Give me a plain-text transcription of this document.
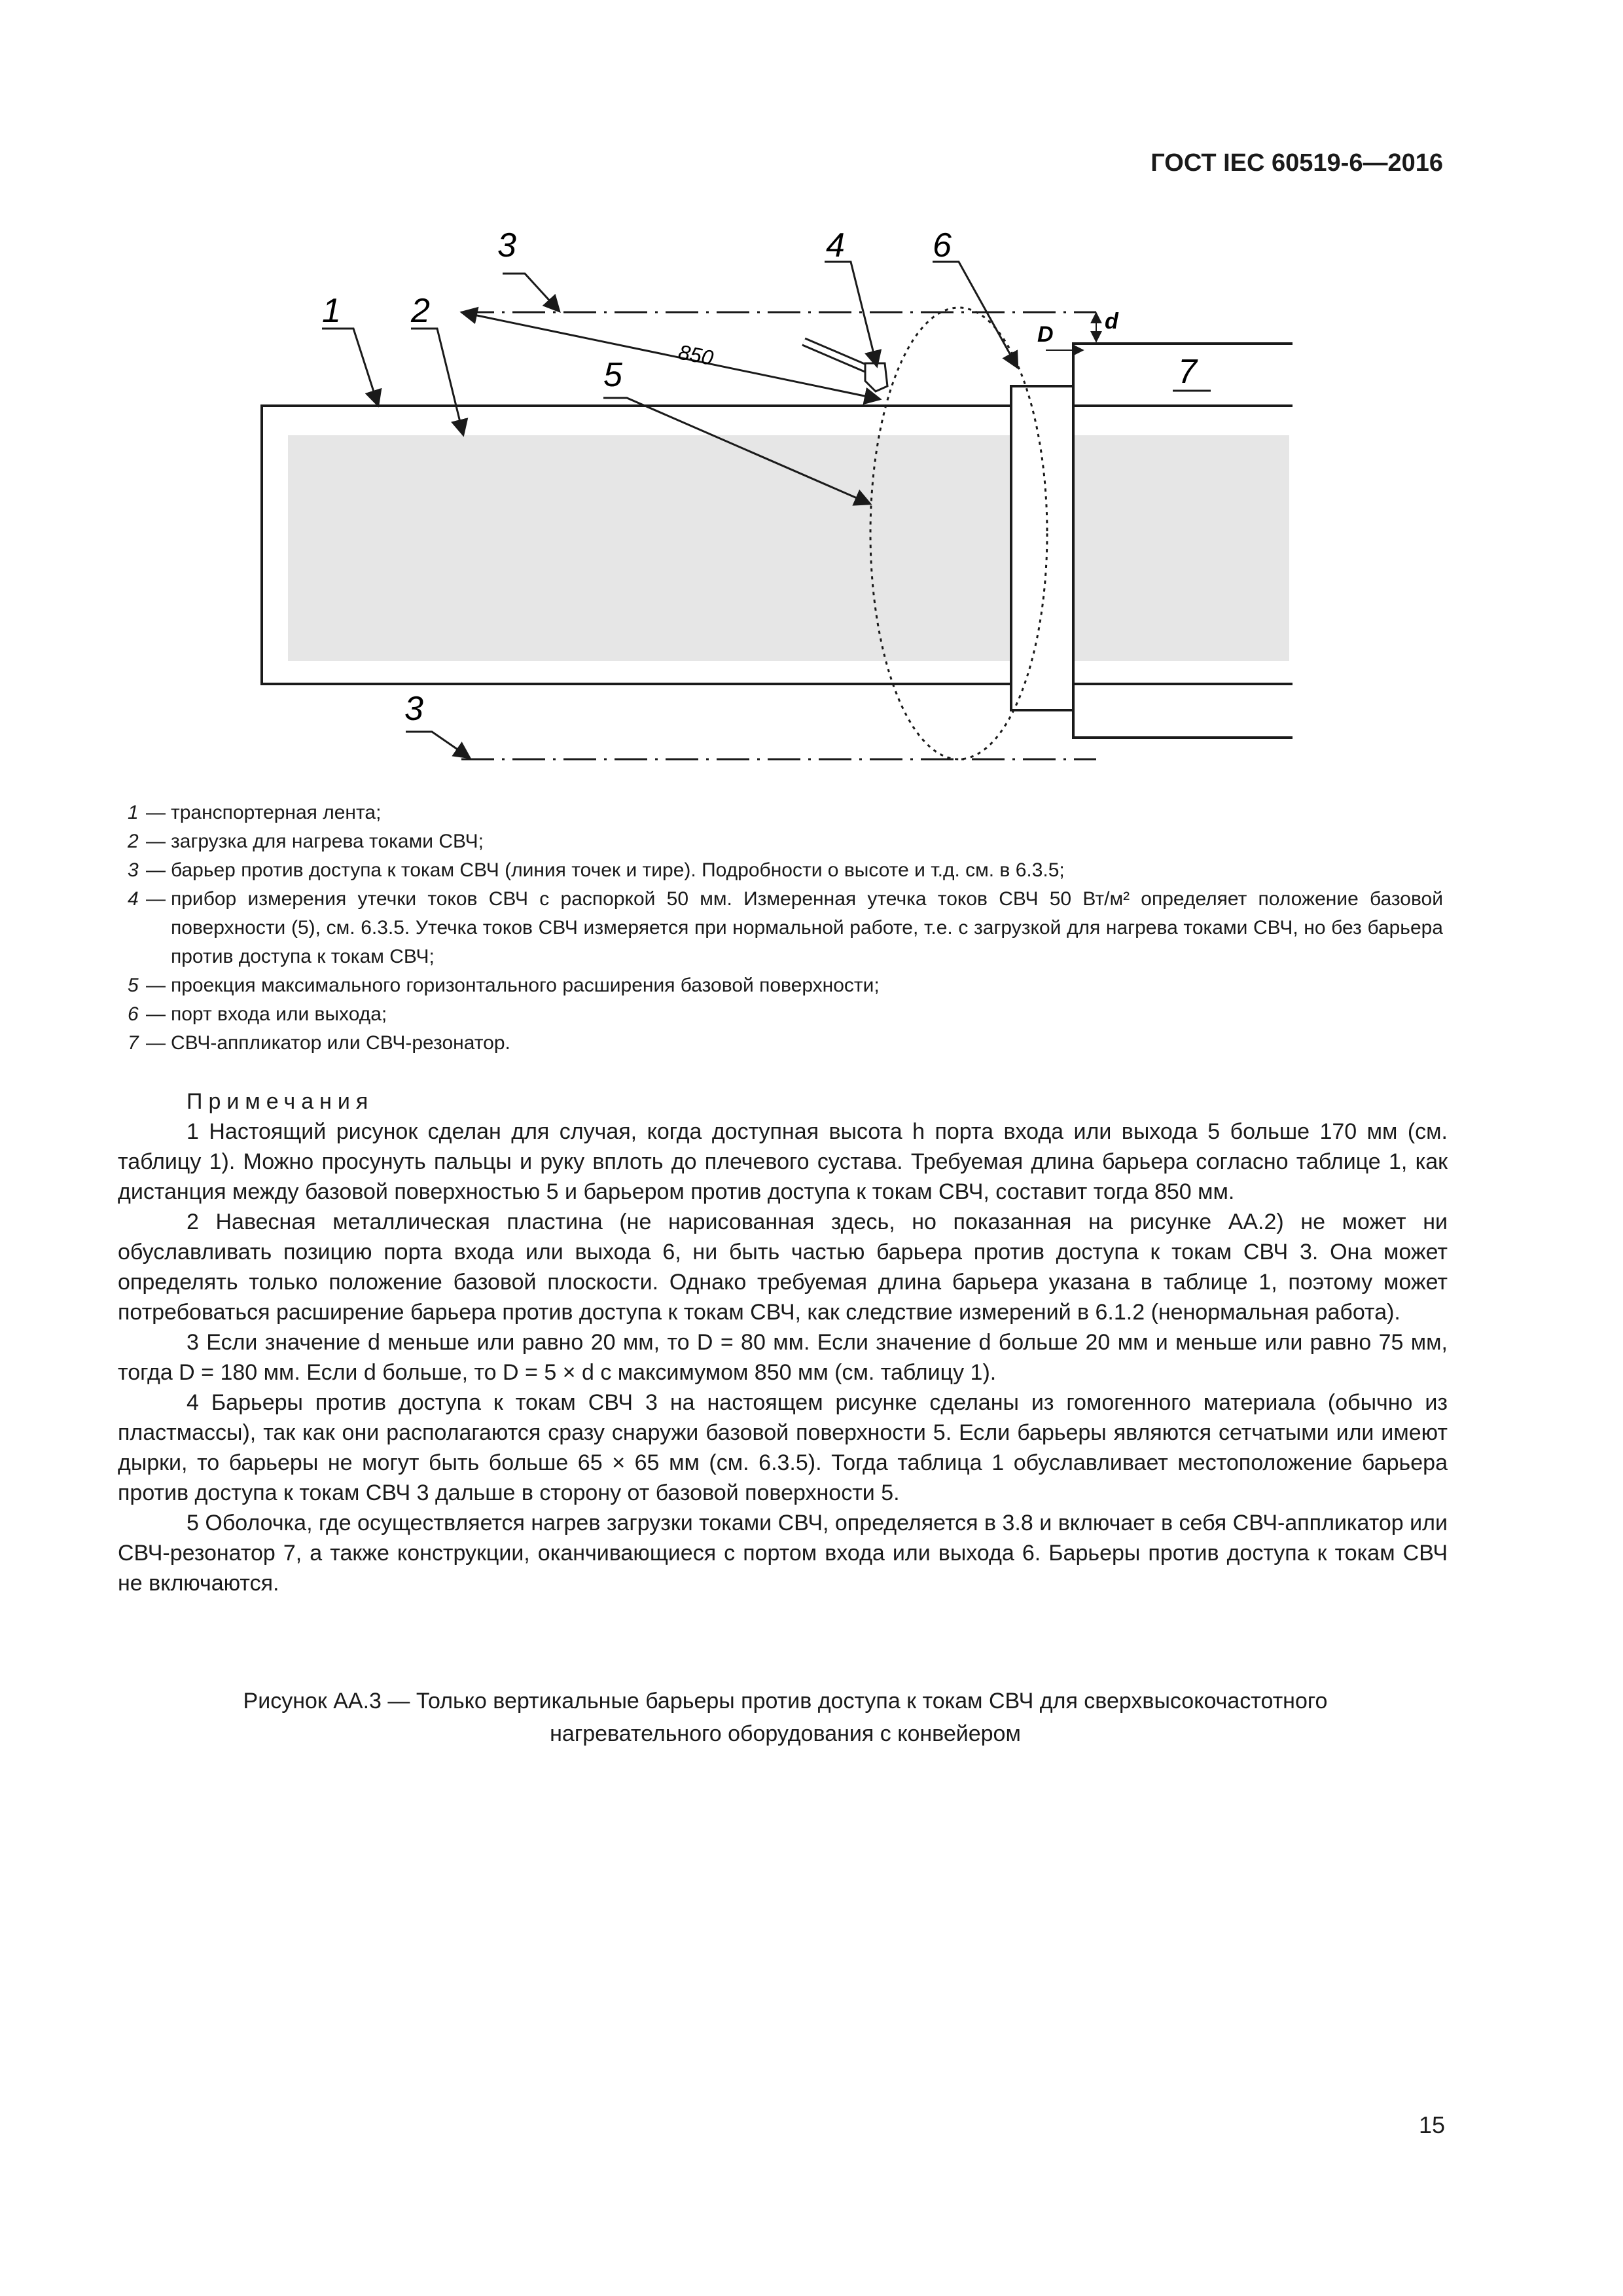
ГОСТ IEC 60519-6—2016
850
D
d
1 2
3
3
4
5
6
7
1 — транспортерная лента;
2 — загрузка для нагрева токами СВЧ;
3 — барьер против доступа к токам СВЧ (линия точек и тире). Подробности о высоте и т.д. см. в 6.3.5;
4 — прибор измерения утечки токов СВЧ с распоркой 50 мм. Измеренная утечка токов СВЧ 50 Вт/м² определяет положение базовой поверхности (5), см. 6.3.5. Утечка токов СВЧ измеряется при нормальной работе, т.е. с загрузкой для нагрева токами СВЧ, но без барьера против доступа к токам СВЧ;
5 — проекция максимального горизонтального расширения базовой поверхности;
6 — порт входа или выхода;
7 — СВЧ-аппликатор или СВЧ-резонатор.
Примечания

1 Настоящий рисунок сделан для случая, когда доступная высота h порта входа или выхода 5 больше 170 мм (см. таблицу 1). Можно просунуть пальцы и руку вплоть до плечевого сустава. Требуемая длина барьера согласно таблице 1, как дистанция между базовой поверхностью 5 и барьером против доступа к токам СВЧ, составит тогда 850 мм.

2 Навесная металлическая пластина (не нарисованная здесь, но показанная на рисунке АА.2) не может ни обуславливать позицию порта входа или выхода 6, ни быть частью барьера против доступа к токам СВЧ 3. Она может определять только положение базовой плоскости. Однако требуемая длина барьера указана в таблице 1, поэтому может потребоваться расширение барьера против доступа к токам СВЧ, как следствие измерений в 6.1.2 (ненормальная работа).

3 Если значение d меньше или равно 20 мм, то D = 80 мм. Если значение d больше 20 мм и меньше или равно 75 мм, тогда D = 180 мм. Если d больше, то D = 5 × d с максимумом 850 мм (см. таблицу 1).

4 Барьеры против доступа к токам СВЧ 3 на настоящем рисунке сделаны из гомогенного материала (обычно из пластмассы), так как они располагаются сразу снаружи базовой поверхности 5. Если барьеры являются сетчатыми или имеют дырки, то барьеры не могут быть больше 65 × 65 мм (см. 6.3.5). Тогда таблица 1 обуславливает местоположение барьера против доступа к токам СВЧ 3 дальше в сторону от базовой поверхности 5.

5 Оболочка, где осуществляется нагрев загрузки токами СВЧ, определяется в 3.8 и включает в себя СВЧ-аппликатор или СВЧ-резонатор 7, а также конструкции, оканчивающиеся с портом входа или выхода 6. Барьеры против доступа к токам СВЧ не включаются.

Рисунок АА.3 — Только вертикальные барьеры против доступа к токам СВЧ для сверхвысокочастотного
нагревательного оборудования с конвейером
15
